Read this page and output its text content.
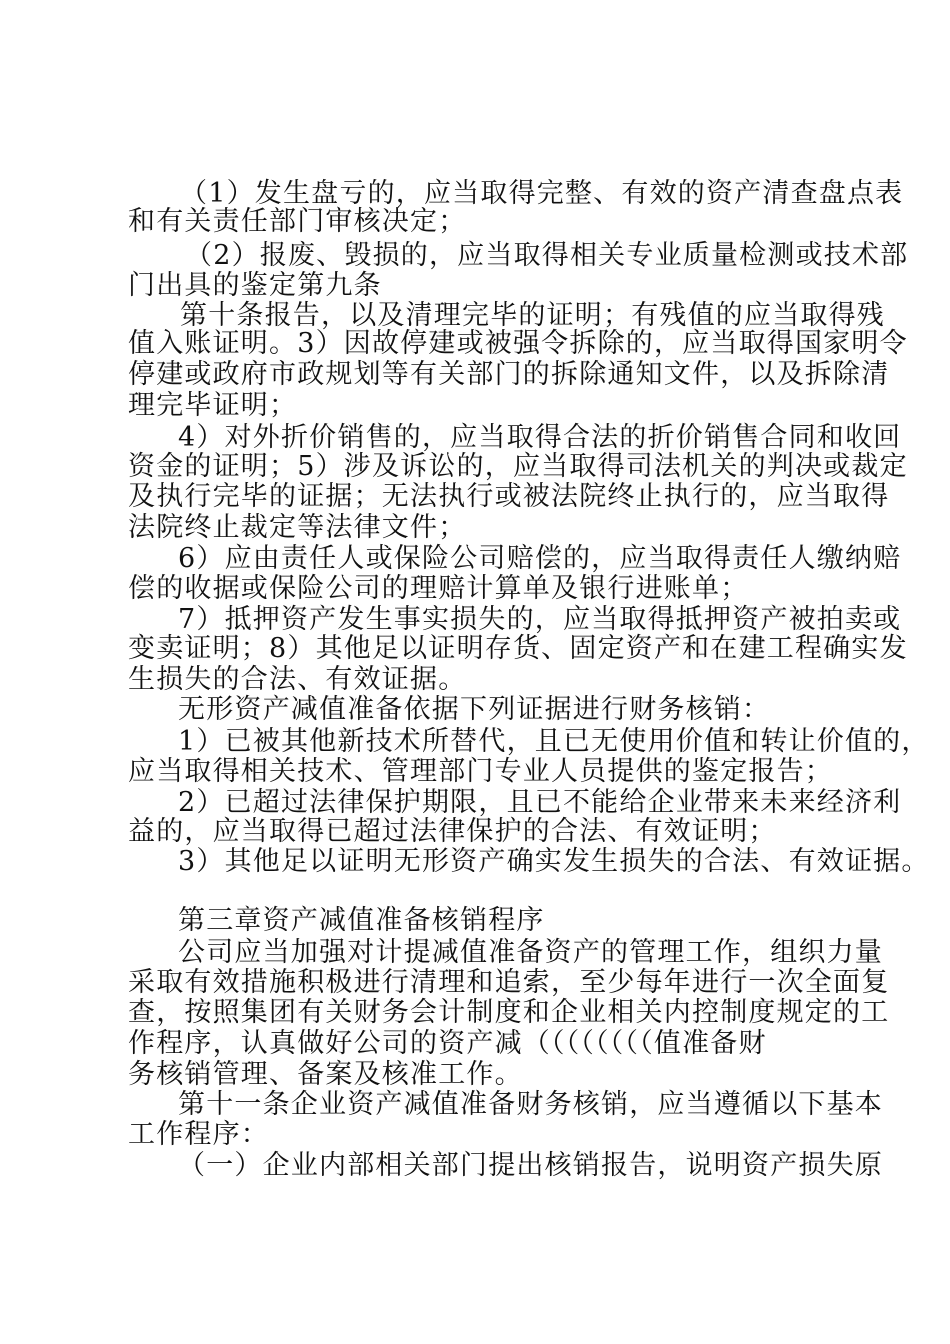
（1）发生盘亏的，应当取得完整、有效的资产清查盘点表
和有关责任部门审核决定；
（2）报废、毁损的，应当取得相关专业质量检测或技术部
门出具的鉴定第九条
第十条报告，以及清理完毕的证明；有残值的应当取得残
值入账证明。3）因故停建或被强令拆除的，应当取得国家明令
停建或政府市政规划等有关部门的拆除通知文件，以及拆除清
理完毕证明；
4）对外折价销售的，应当取得合法的折价销售合同和收回
资金的证明；5）涉及诉讼的，应当取得司法机关的判决或裁定
及执行完毕的证据；无法执行或被法院终止执行的，应当取得
法院终止裁定等法律文件；
6）应由责任人或保险公司赔偿的，应当取得责任人缴纳赔
偿的收据或保险公司的理赔计算单及银行进账单；
7）抵押资产发生事实损失的，应当取得抵押资产被拍卖或
变卖证明；8）其他足以证明存货、固定资产和在建工程确实发
生损失的合法、有效证据。
无形资产减值准备依据下列证据进行财务核销：
1）已被其他新技术所替代，且已无使用价值和转让价值的，
应当取得相关技术、管理部门专业人员提供的鉴定报告；
2）已超过法律保护期限，且已不能给企业带来未来经济利
益的，应当取得已超过法律保护的合法、有效证明；
3）其他足以证明无形资产确实发生损失的合法、有效证据。
第三章资产减值准备核销程序
公司应当加强对计提减值准备资产的管理工作，组织力量
采取有效措施积极进行清理和追索，至少每年进行一次全面复
查，按照集团有关财务会计制度和企业相关内控制度规定的工
作程序，认真做好公司的资产减（（（（（（（（值准备财
务核销管理、备案及核准工作。
第十一条企业资产减值准备财务核销，应当遵循以下基本
工作程序：
（一）企业内部相关部门提出核销报告，说明资产损失原
